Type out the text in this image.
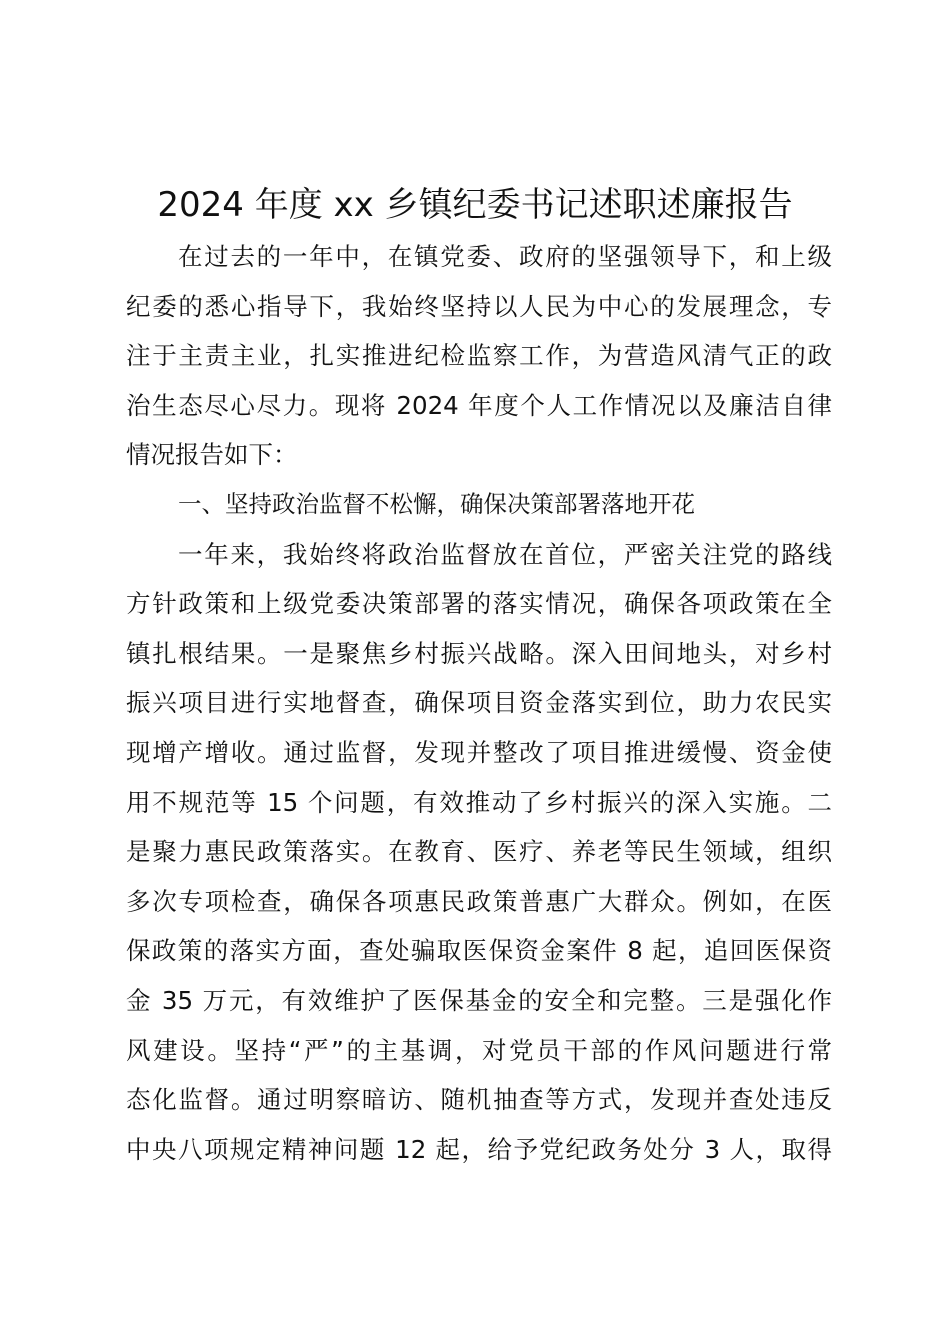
2024 年度 xx 乡镇纪委书记述职述廉报告
在过去的一年中，在镇党委、政府的坚强领导下，和上级
纪委的悉心指导下，我始终坚持以人民为中心的发展理念，专
注于主责主业，扎实推进纪检监察工作，为营造风清气正的政
治生态尽心尽力。现将 2024 年度个人工作情况以及廉洁自律
情况报告如下：
一、坚持政治监督不松懈，确保决策部署落地开花
一年来，我始终将政治监督放在首位，严密关注党的路线
方针政策和上级党委决策部署的落实情况，确保各项政策在全
镇扎根结果。一是聚焦乡村振兴战略。深入田间地头，对乡村
振兴项目进行实地督查，确保项目资金落实到位，助力农民实
现增产增收。通过监督，发现并整改了项目推进缓慢、资金使
用不规范等 15 个问题，有效推动了乡村振兴的深入实施。二
是聚力惠民政策落实。在教育、医疗、养老等民生领域，组织
多次专项检查，确保各项惠民政策普惠广大群众。例如，在医
保政策的落实方面，查处骗取医保资金案件 8 起，追回医保资
金 35 万元，有效维护了医保基金的安全和完整。三是强化作
风建设。坚持“严”的主基调，对党员干部的作风问题进行常
态化监督。通过明察暗访、随机抽查等方式，发现并查处违反
中央八项规定精神问题 12 起，给予党纪政务处分 3 人，取得
